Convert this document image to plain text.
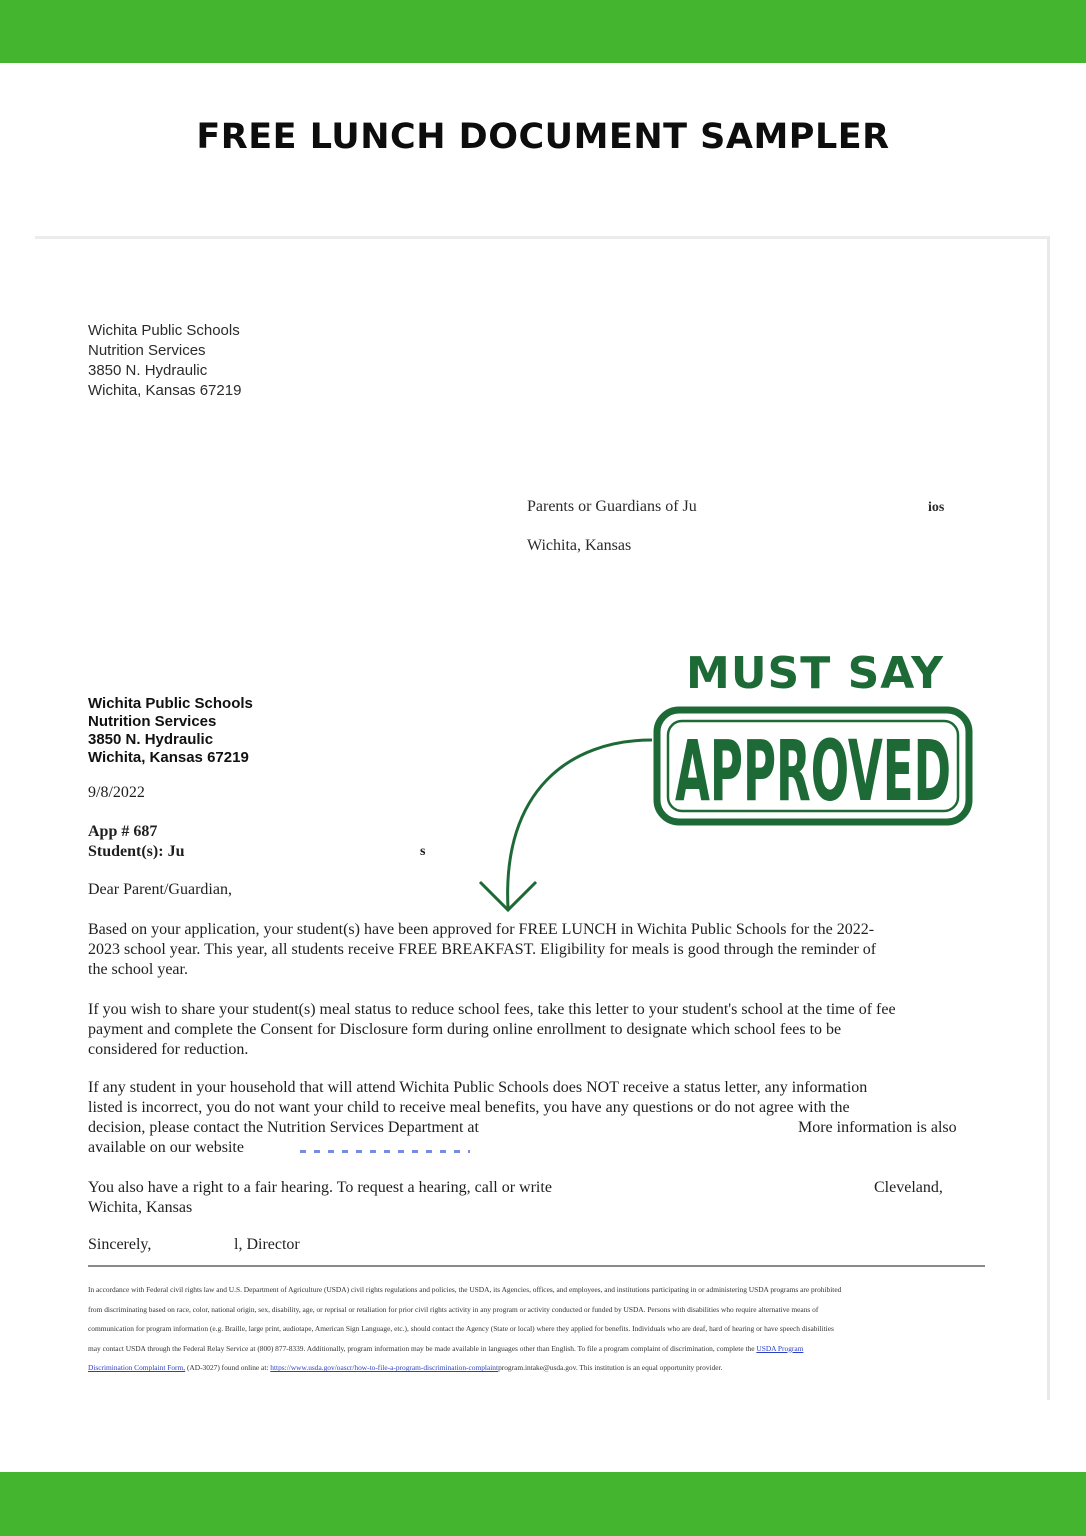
FREE LUNCH DOCUMENT SAMPLER
Wichita Public Schools
Nutrition Services
3850 N. Hydraulic
Wichita, Kansas 67219
Parents or Guardians of Ju	ios
Wichita, Kansas
MUST SAY
APPROVED
Wichita Public Schools
Nutrition Services
3850 N. Hydraulic
Wichita, Kansas 67219
9/8/2022
App # 687
Student(s): Ju	s
Dear Parent/Guardian,
Based on your application, your student(s) have been approved for FREE LUNCH in Wichita Public Schools for the 2022-
2023 school year. This year, all students receive FREE BREAKFAST. Eligibility for meals is good through the reminder of
the school year.
If you wish to share your student(s) meal status to reduce school fees, take this letter to your student's school at the time of fee
payment and complete the Consent for Disclosure form during online enrollment to designate which school fees to be
considered for reduction.
If any student in your household that will attend Wichita Public Schools does NOT receive a status letter, any information
listed is incorrect, you do not want your child to receive meal benefits, you have any questions or do not agree with the
decision, please contact the Nutrition Services Department at
available on our website
More information is also
You also have a right to a fair hearing. To request a hearing, call or write
Wichita, Kansas
Cleveland,
Sincerely,	l, Director
In accordance with Federal civil rights law and U.S. Department of Agriculture (USDA) civil rights regulations and policies, the USDA, its Agencies, offices, and employees, and institutions participating in or administering USDA programs are prohibited
from discriminating based on race, color, national origin, sex, disability, age, or reprisal or retaliation for prior civil rights activity in any program or activity conducted or funded by USDA. Persons with disabilities who require alternative means of
communication for program information (e.g. Braille, large print, audiotape, American Sign Language, etc.), should contact the Agency (State or local) where they applied for benefits. Individuals who are deaf, hard of hearing or have speech disabilities
may contact USDA through the Federal Relay Service at (800) 877-8339. Additionally, program information may be made available in languages other than English. To file a program complaint of discrimination, complete the USDA Program
Discrimination Complaint Form, (AD-3027) found online at: https://www.usda.gov/oascr/how-to-file-a-program-discrimination-complaintprogram.intake@usda.gov. This institution is an equal opportunity provider.
